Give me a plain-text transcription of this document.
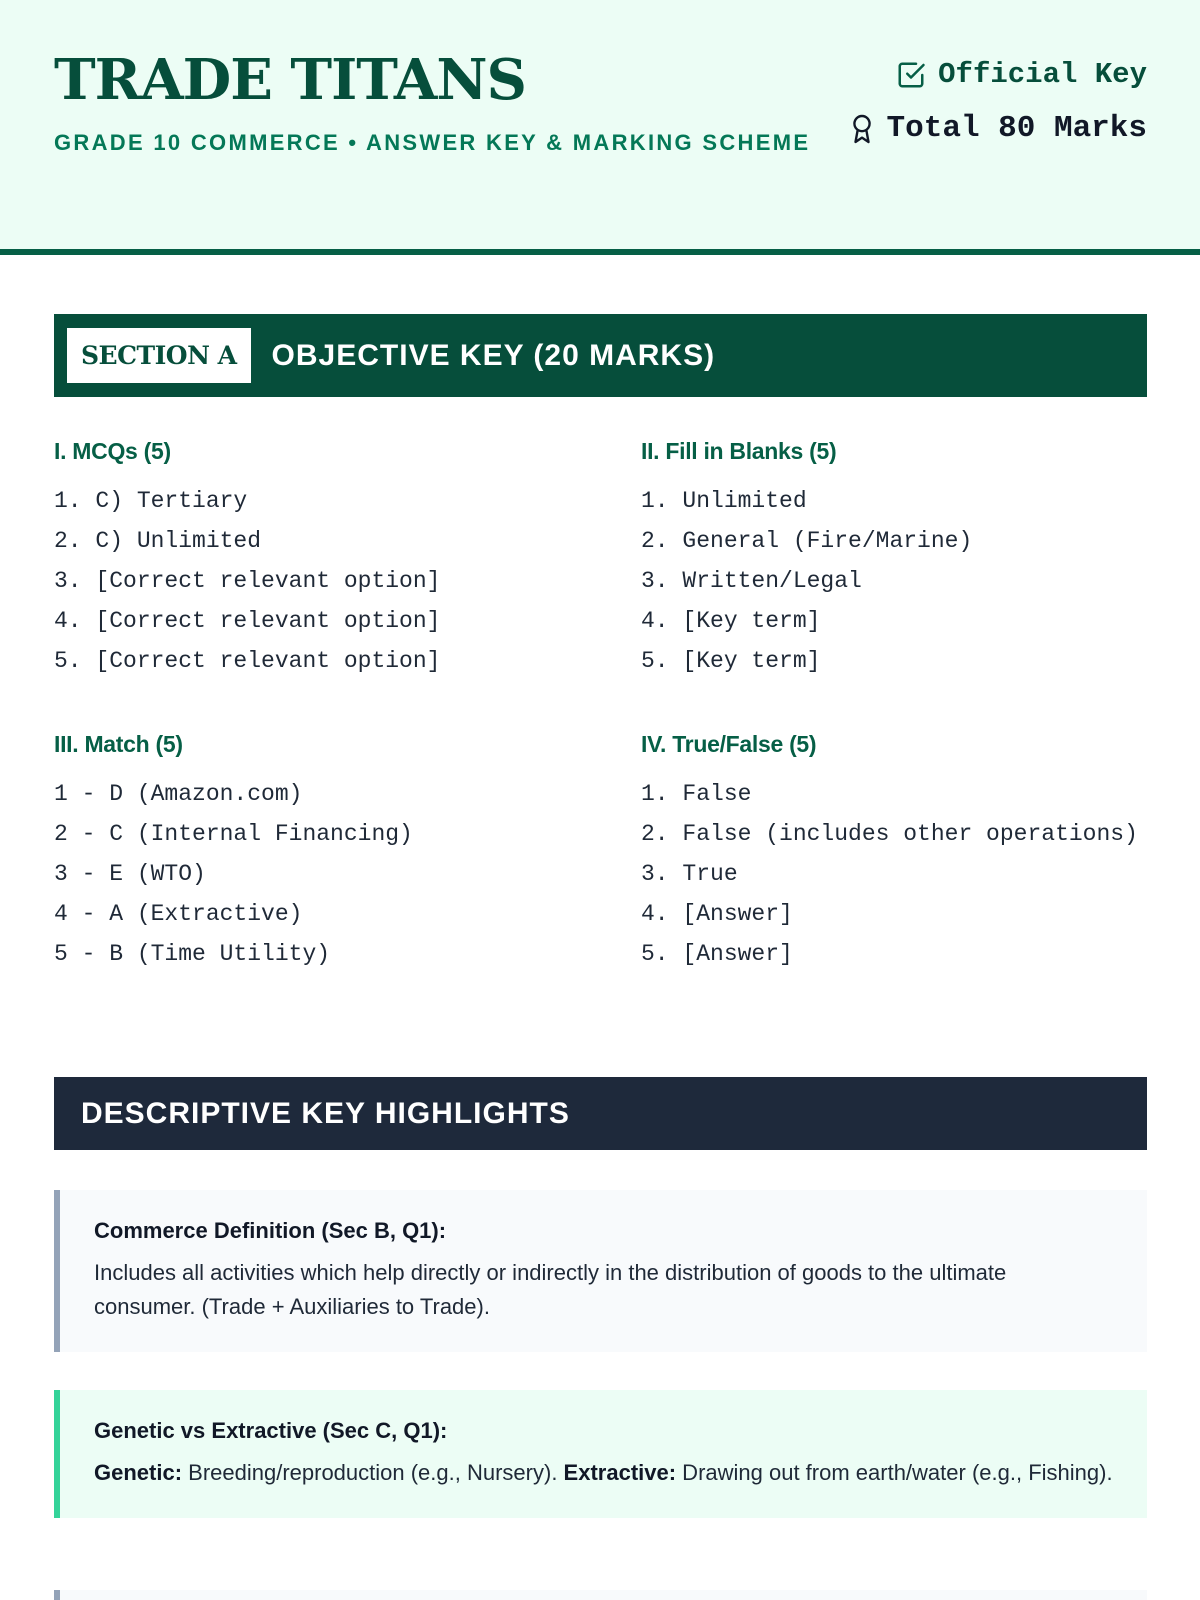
TRADE TITANS
GRADE 10 COMMERCE • ANSWER KEY & MARKING SCHEME
Official Key
Total 80 Marks
SECTION A	OBJECTIVE KEY (20 MARKS)
I. MCQs (5)
1. C) Tertiary
2. C) Unlimited
3. [Correct relevant option]
4. [Correct relevant option]
5. [Correct relevant option]
II. Fill in Blanks (5)
1. Unlimited
2. General (Fire/Marine)
3. Written/Legal
4. [Key term]
5. [Key term]
III. Match (5)
1 - D (Amazon.com)
2 - C (Internal Financing)
3 - E (WTO)
4 - A (Extractive)
5 - B (Time Utility)
IV. True/False (5)
1. False
2. False (includes other operations)
3. True
4. [Answer]
5. [Answer]
DESCRIPTIVE KEY HIGHLIGHTS
Commerce Definition (Sec B, Q1):
Includes all activities which help directly or indirectly in the distribution of goods to the ultimate consumer. (Trade + Auxiliaries to Trade).
Genetic vs Extractive (Sec C, Q1):
Genetic: Breeding/reproduction (e.g., Nursery). Extractive: Drawing out from earth/water (e.g., Fishing).
